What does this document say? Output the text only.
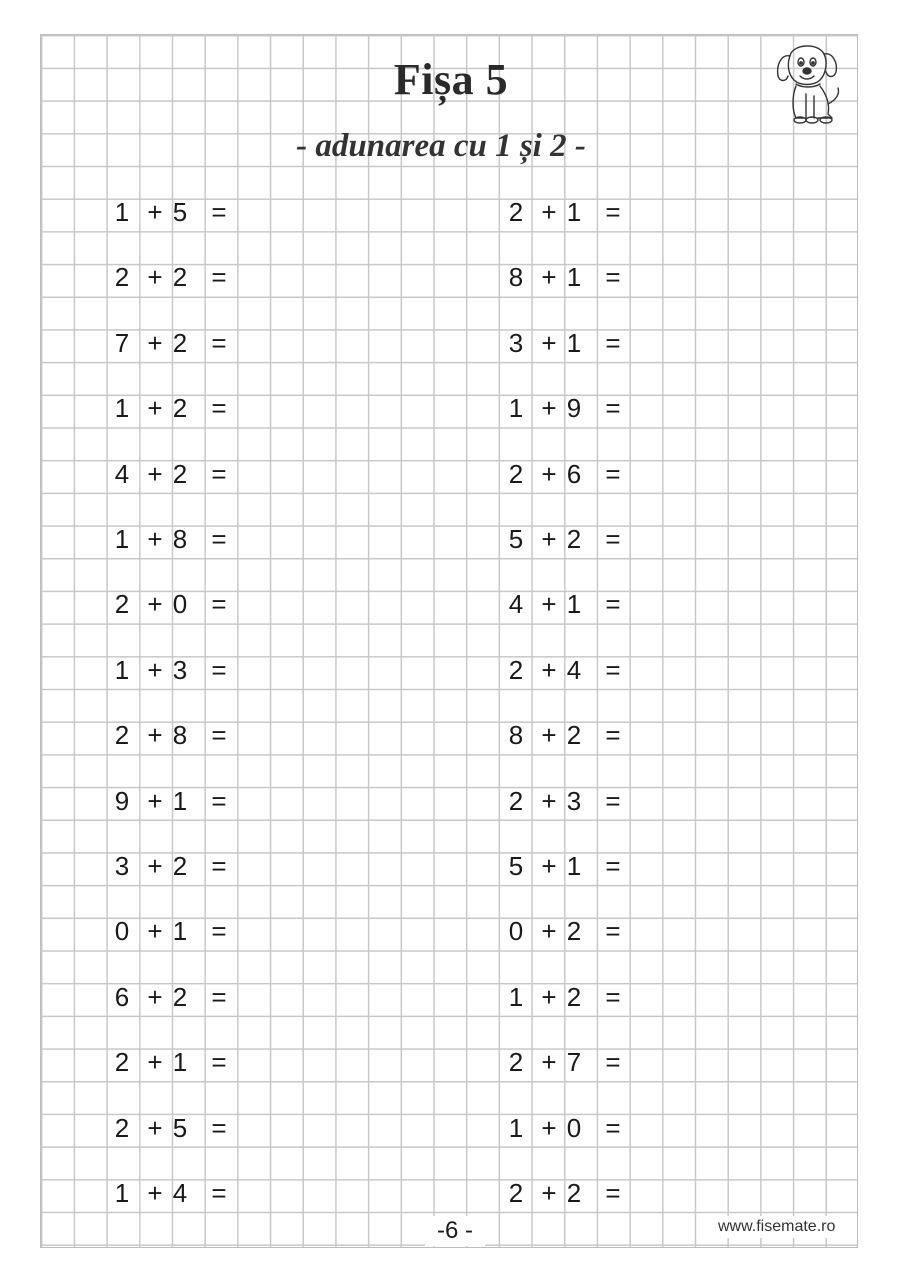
Fișa 5
- adunarea cu 1 și 2 -
1 + 5 =
2 + 2 =
7 + 2 =
1 + 2 =
4 + 2 =
1 + 8 =
2 + 0 =
1 + 3 =
2 + 8 =
9 + 1 =
3 + 2 =
0 + 1 =
6 + 2 =
2 + 1 =
2 + 5 =
1 + 4 =
2 + 1 =
8 + 1 =
3 + 1 =
1 + 9 =
2 + 6 =
5 + 2 =
4 + 1 =
2 + 4 =
8 + 2 =
2 + 3 =
5 + 1 =
0 + 2 =
1 + 2 =
2 + 7 =
1 + 0 =
2 + 2 =
-6 -	www.fisemate.ro
